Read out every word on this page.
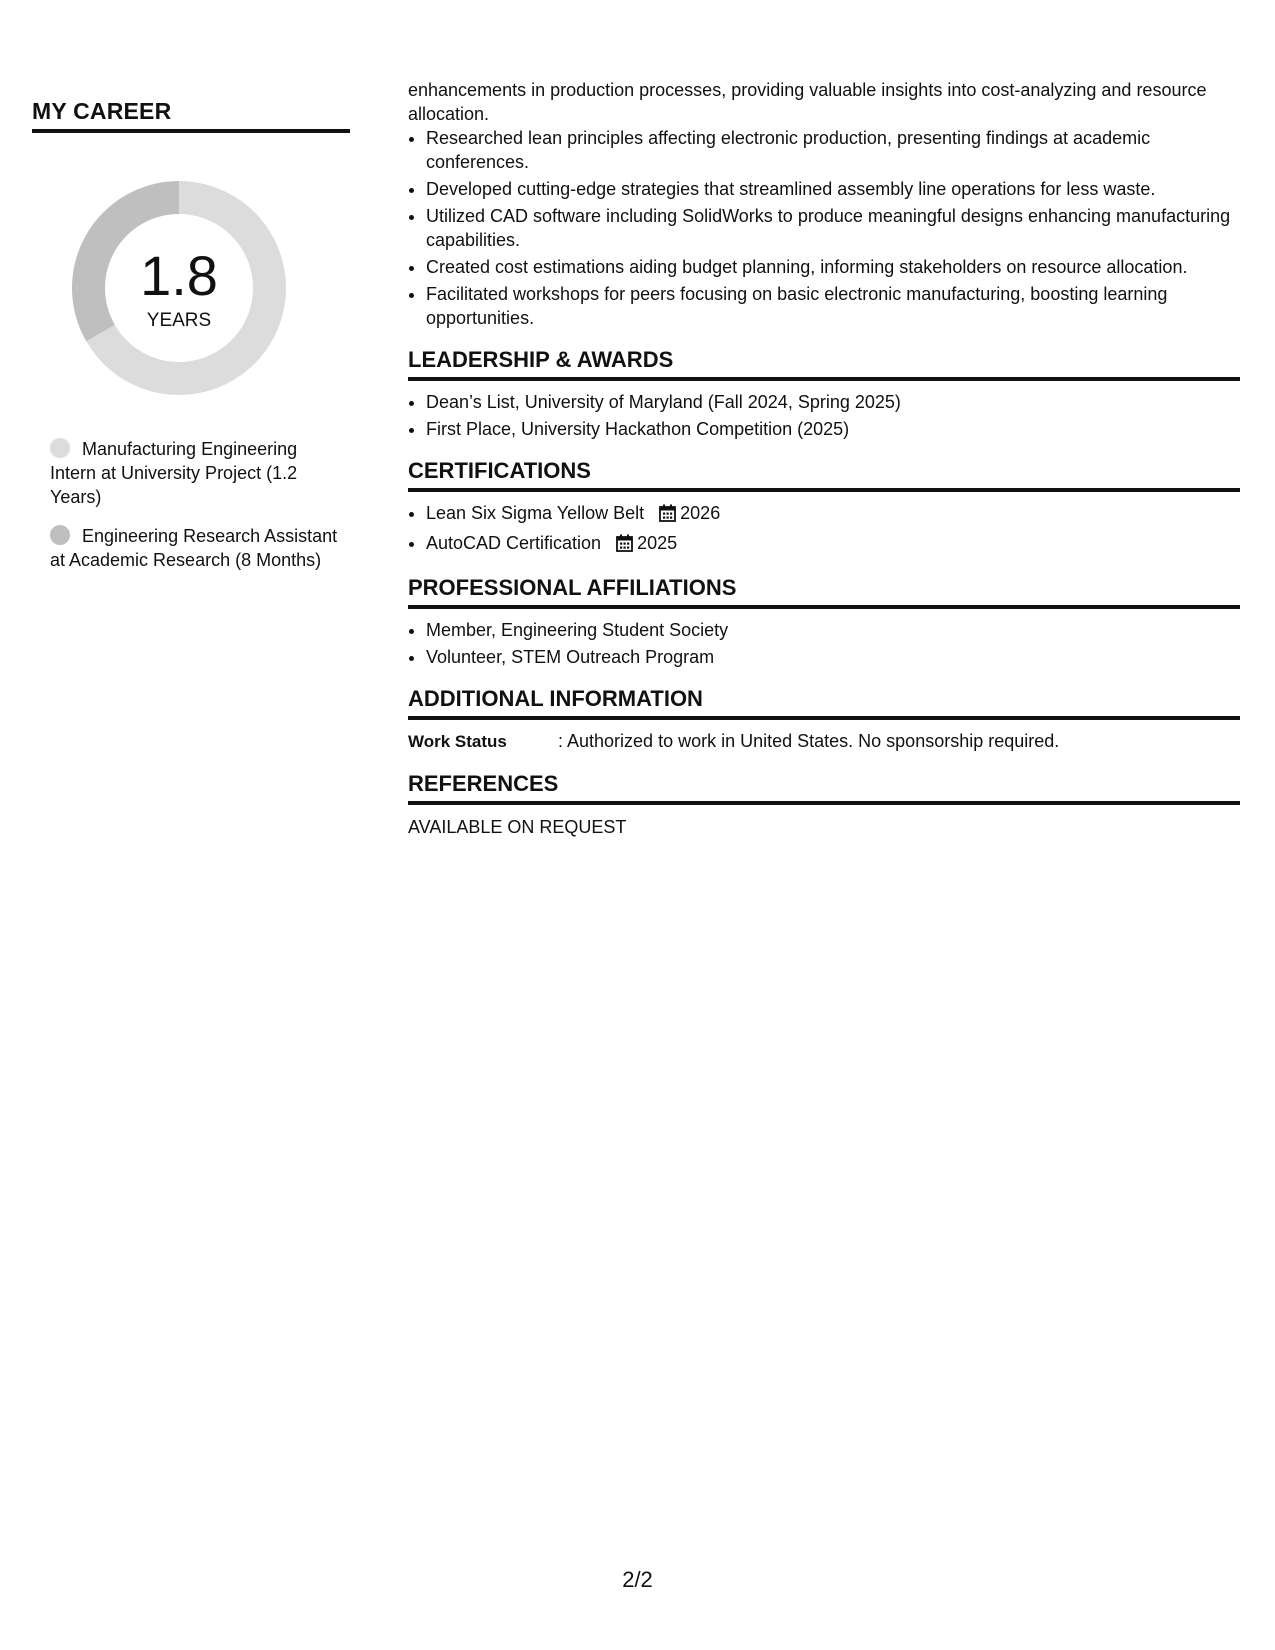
MY CAREER
1.8
YEARS
Manufacturing Engineering Intern at University Project (1.2 Years)
Engineering Research Assistant at Academic Research (8 Months)

enhancements in production processes, providing valuable insights into cost-analyzing and resource allocation.

• Researched lean principles affecting electronic production, presenting findings at academic conferences.
• Developed cutting-edge strategies that streamlined assembly line operations for less waste.
• Utilized CAD software including SolidWorks to produce meaningful designs enhancing manufacturing capabilities.
• Created cost estimations aiding budget planning, informing stakeholders on resource allocation.
• Facilitated workshops for peers focusing on basic electronic manufacturing, boosting learning opportunities.
LEADERSHIP & AWARDS
• Dean’s List, University of Maryland (Fall 2024, Spring 2025)
• First Place, University Hackathon Competition (2025)
CERTIFICATIONS
• Lean Six Sigma Yellow Belt 2026
• AutoCAD Certification 2025
PROFESSIONAL AFFILIATIONS
• Member, Engineering Student Society
• Volunteer, STEM Outreach Program
ADDITIONAL INFORMATION
Work Status	: Authorized to work in United States. No sponsorship required.
REFERENCES
AVAILABLE ON REQUEST
2/2
